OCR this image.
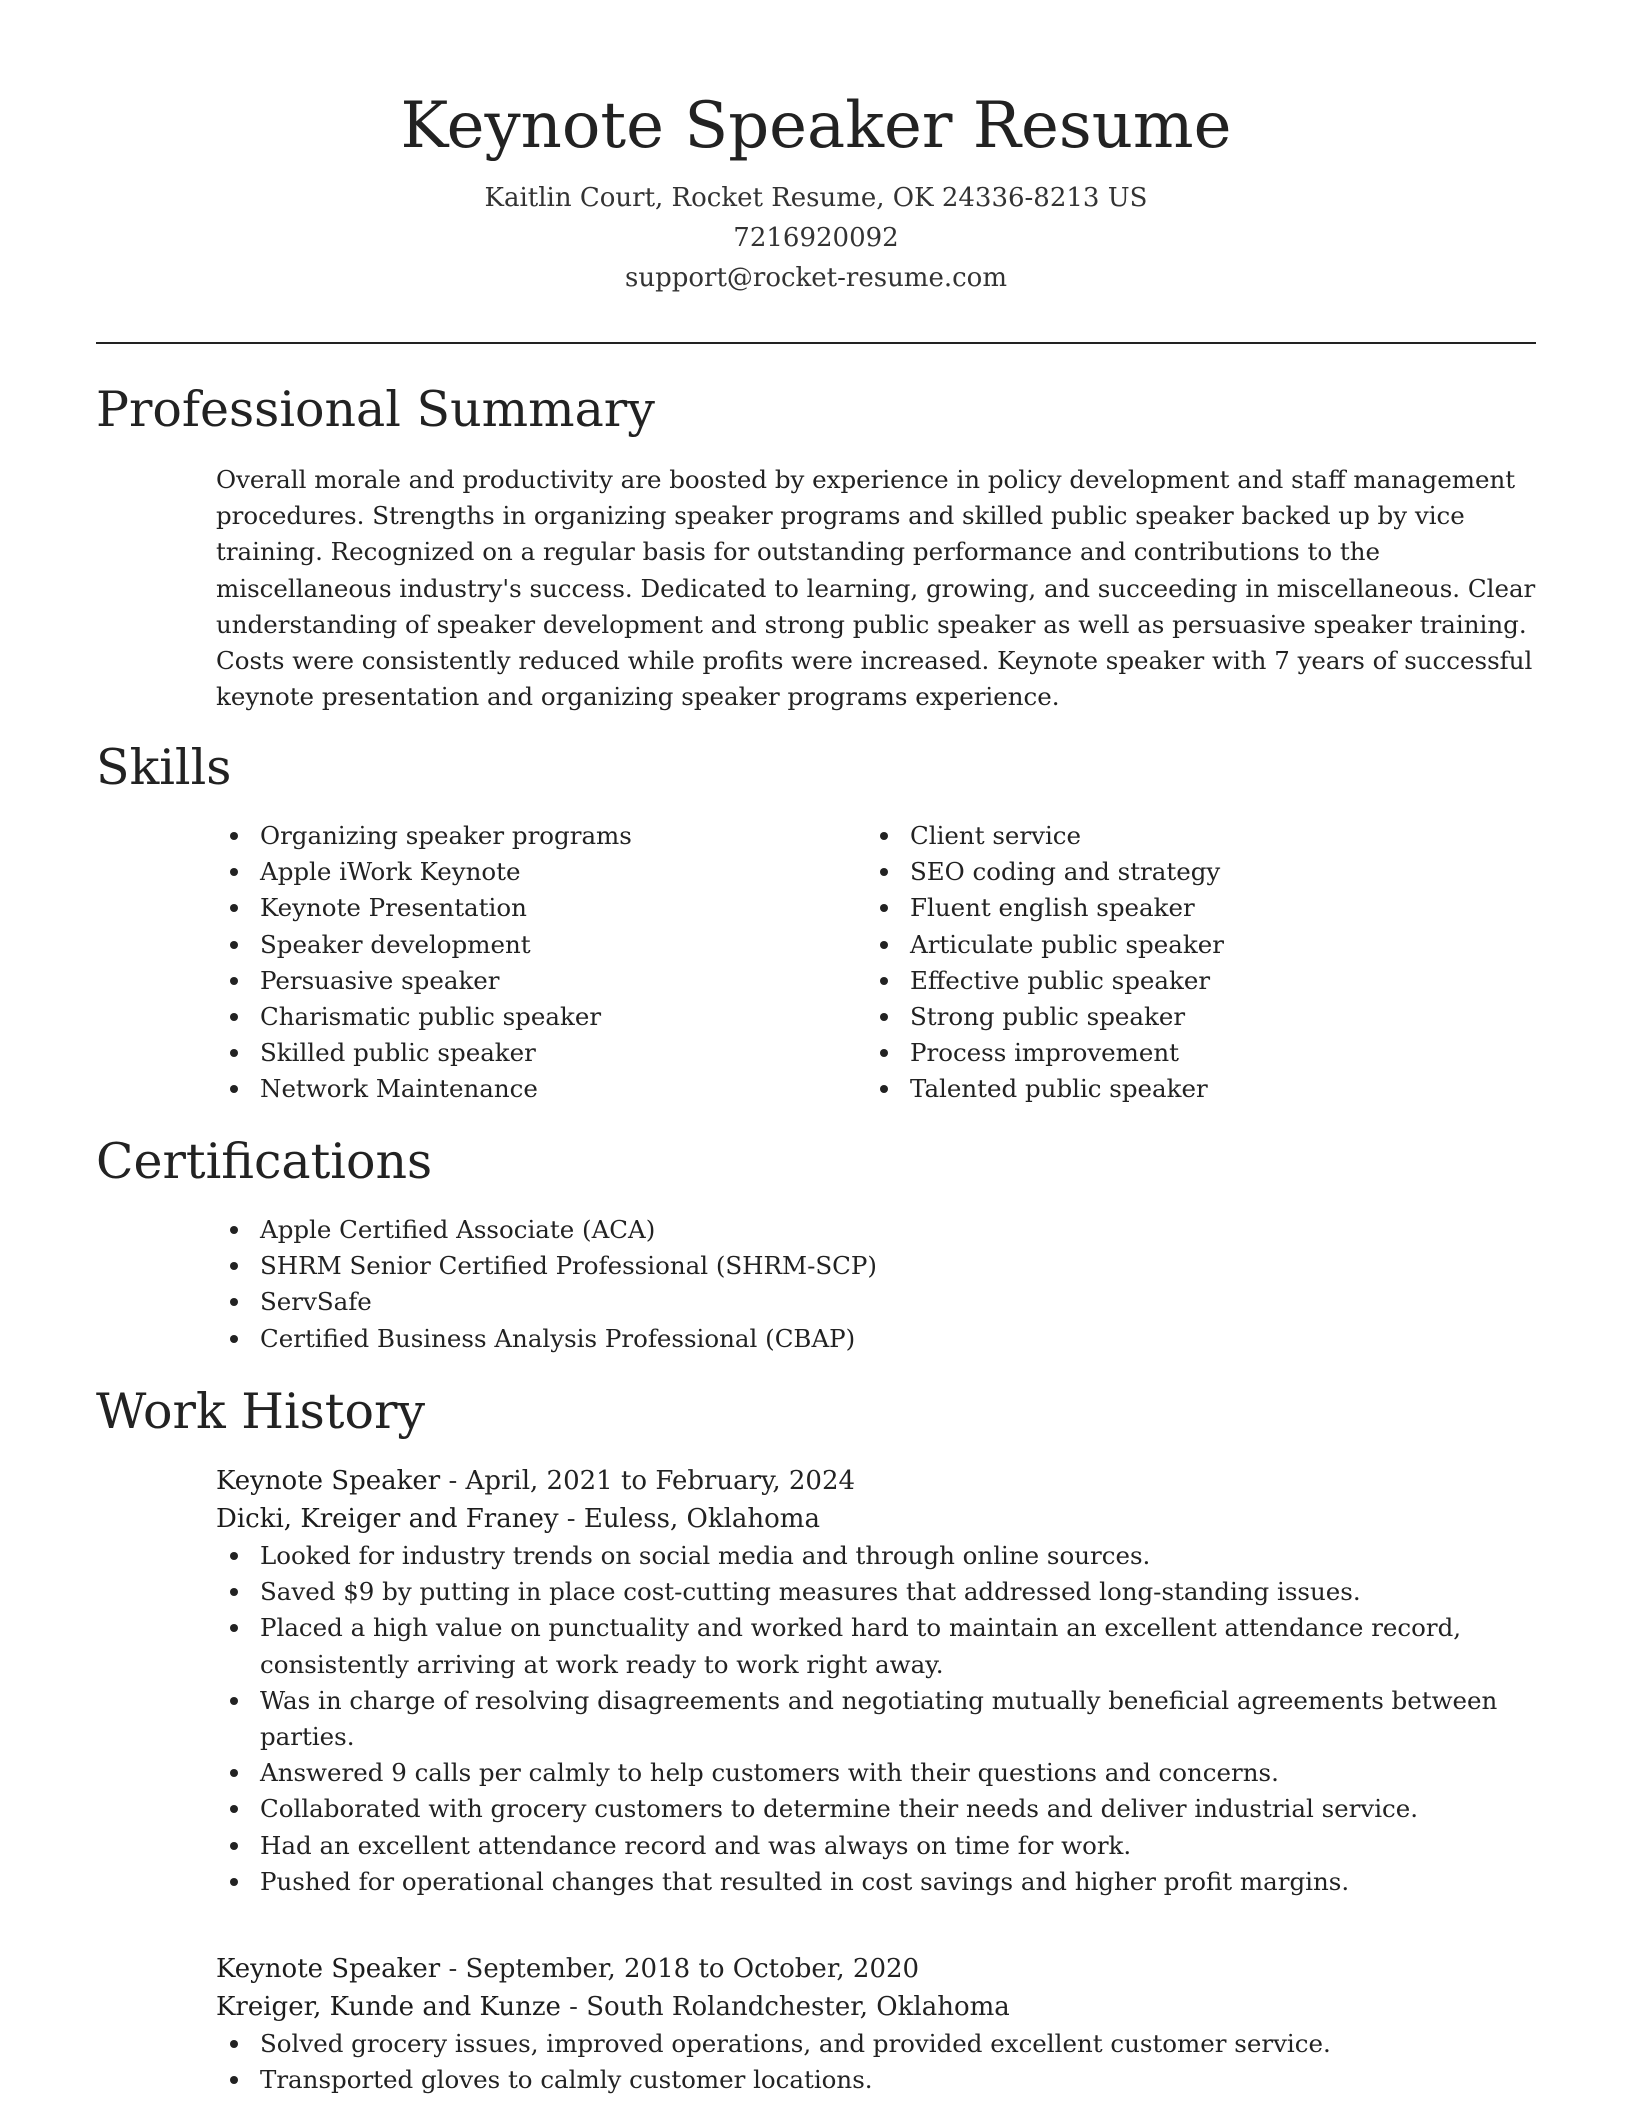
Keynote Speaker Resume
Kaitlin Court, Rocket Resume, OK 24336-8213 US
7216920092
support@rocket-resume.com
Professional Summary

Overall morale and productivity are boosted by experience in policy development and staff management procedures. Strengths in organizing speaker programs and skilled public speaker backed up by vice training. Recognized on a regular basis for outstanding performance and contributions to the miscellaneous industry's success. Dedicated to learning, growing, and succeeding in miscellaneous. Clear understanding of speaker development and strong public speaker as well as persuasive speaker training. Costs were consistently reduced while profits were increased. Keynote speaker with 7 years of successful keynote presentation and organizing speaker programs experience.

Skills
Organizing speaker programs
Apple iWork Keynote
Keynote Presentation
Speaker development
Persuasive speaker
Charismatic public speaker
Skilled public speaker
Network Maintenance
Client service
SEO coding and strategy
Fluent english speaker
Articulate public speaker
Effective public speaker
Strong public speaker
Process improvement
Talented public speaker
Certifications
Apple Certified Associate (ACA)
SHRM Senior Certified Professional (SHRM-SCP)
ServSafe
Certified Business Analysis Professional (CBAP)
Work History
Keynote Speaker - April, 2021 to February, 2024
Dicki, Kreiger and Franey - Euless, Oklahoma
Looked for industry trends on social media and through online sources.
Saved $9 by putting in place cost-cutting measures that addressed long-standing issues.
Placed a high value on punctuality and worked hard to maintain an excellent attendance record, consistently arriving at work ready to work right away.
Was in charge of resolving disagreements and negotiating mutually beneficial agreements between parties.
Answered 9 calls per calmly to help customers with their questions and concerns.
Collaborated with grocery customers to determine their needs and deliver industrial service.
Had an excellent attendance record and was always on time for work.
Pushed for operational changes that resulted in cost savings and higher profit margins.
Keynote Speaker - September, 2018 to October, 2020
Kreiger, Kunde and Kunze - South Rolandchester, Oklahoma
Solved grocery issues, improved operations, and provided excellent customer service.
Transported gloves to calmly customer locations.
